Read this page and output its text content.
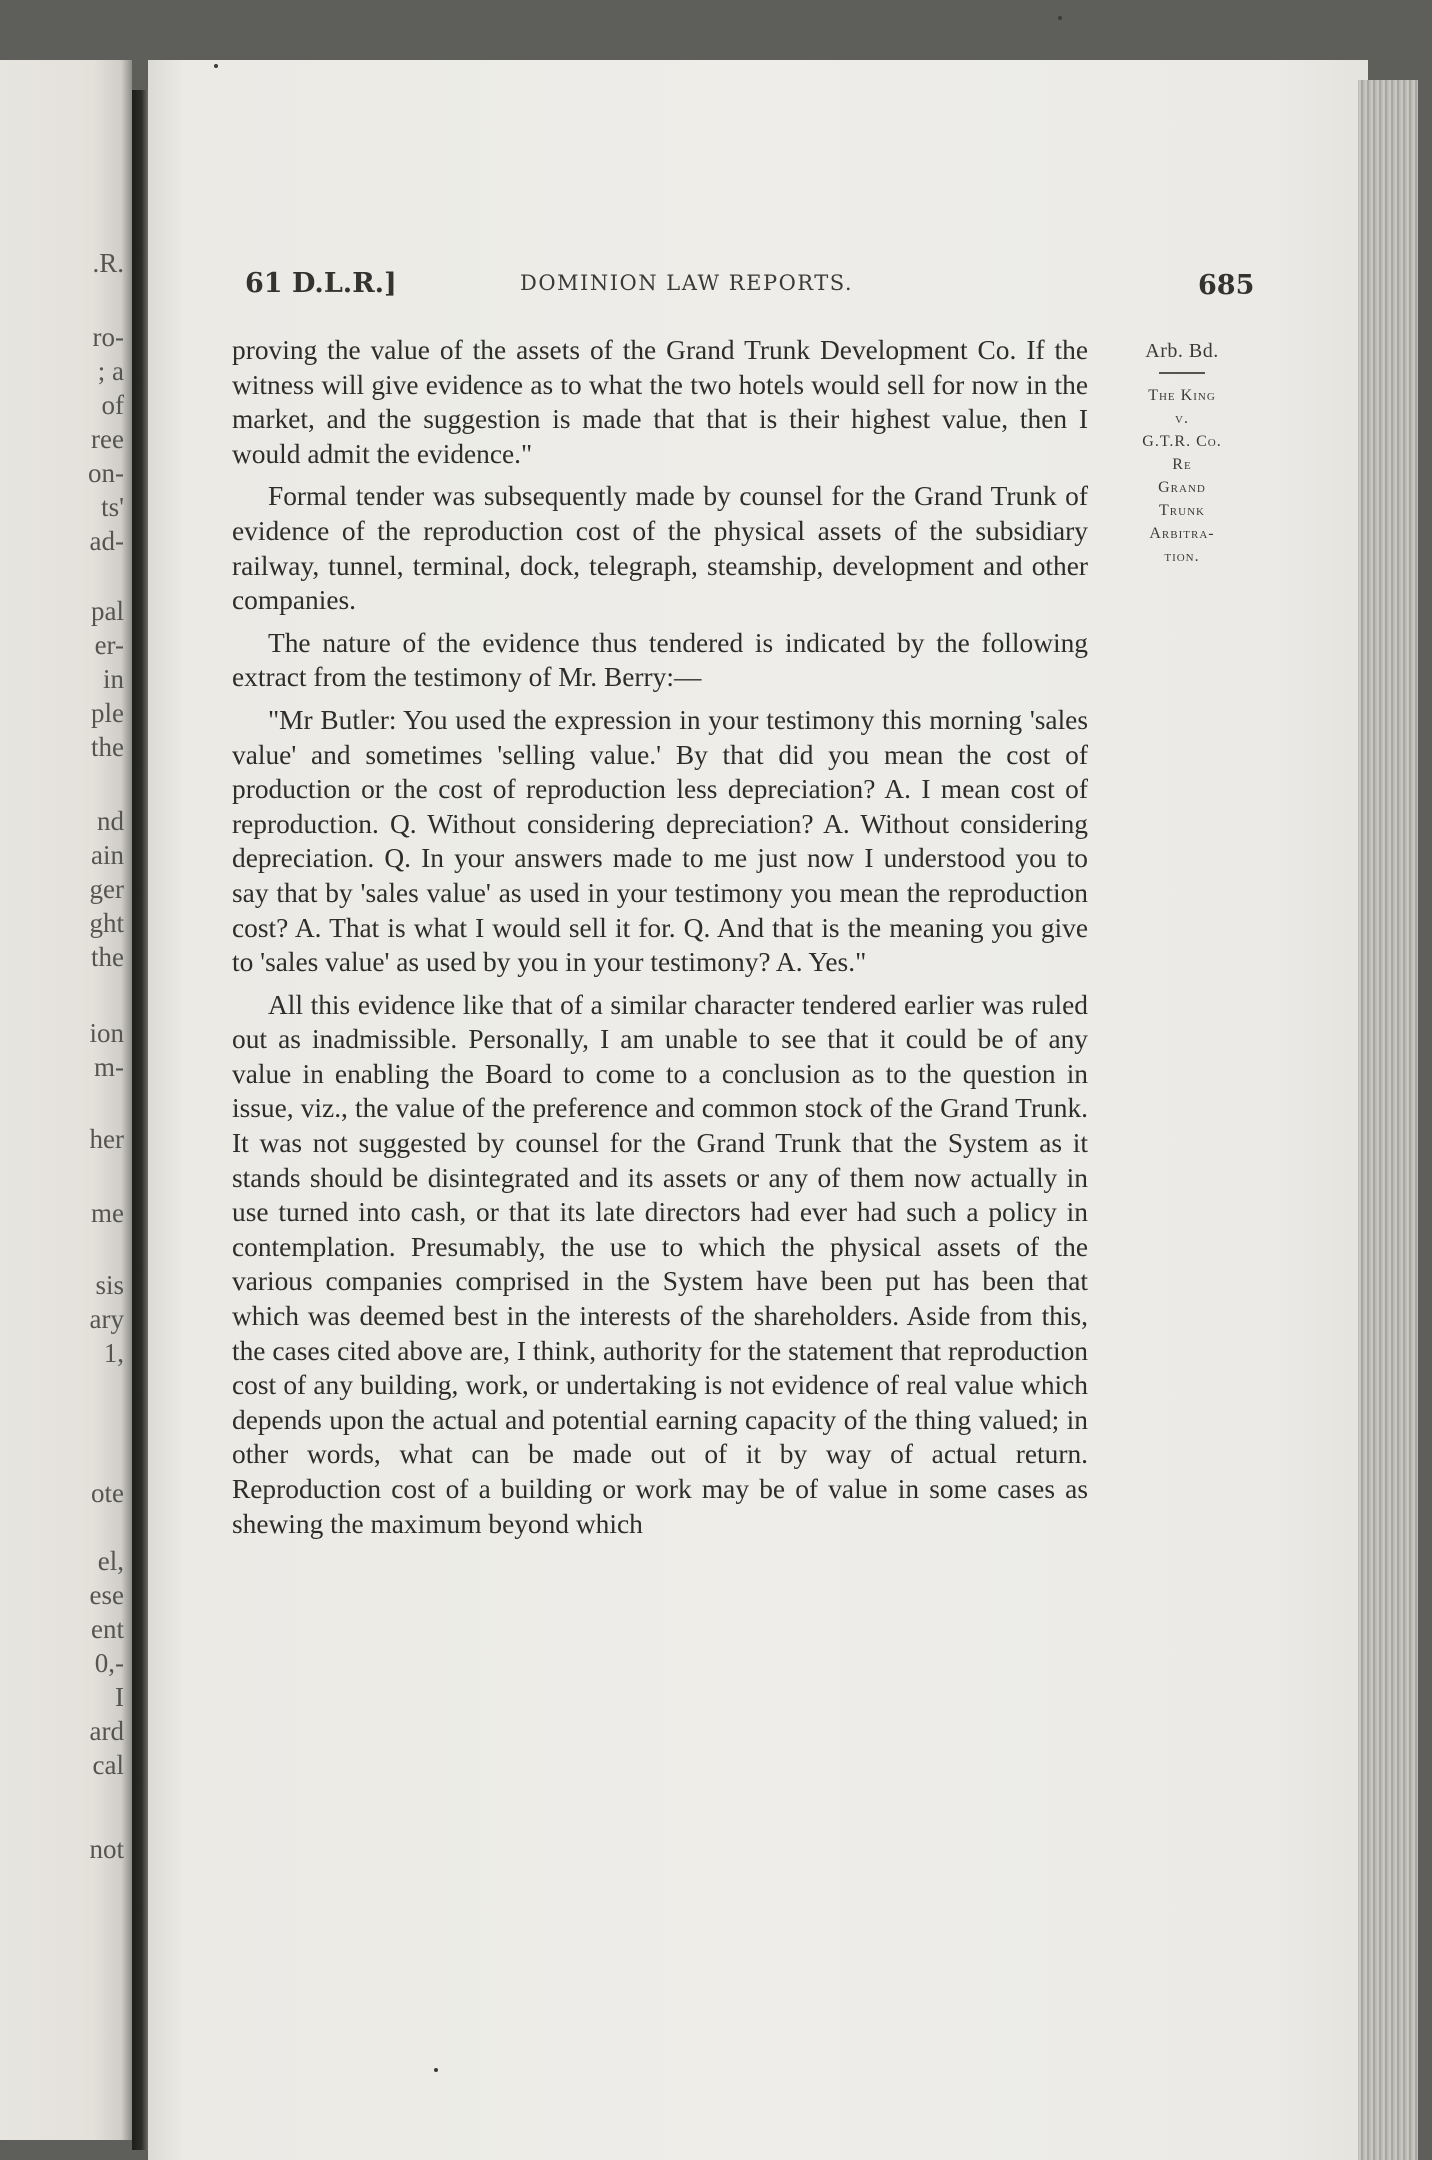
.R.
ro-
; a
of
ree
on-
ts'
ad-
pal
er-
in
ple
the
nd
ain
ger
ght
the
ion
m-
her
me
sis
ary
1,
ote
el,
ese
ent
0,-
I
ard
cal
not
61 D.L.R.]	DOMINION LAW REPORTS.	685
Arb. Bd.
The King
v.
G.T.R. Co.
Re
Grand
Trunk
Arbitra-
tion.

proving the value of the assets of the Grand Trunk Development Co. If the witness will give evidence as to what the two hotels would sell for now in the market, and the suggestion is made that that is their highest value, then I would admit the evidence."

Formal tender was subsequently made by counsel for the Grand Trunk of evidence of the reproduction cost of the physical assets of the subsidiary railway, tunnel, terminal, dock, telegraph, steamship, development and other companies.

The nature of the evidence thus tendered is indicated by the following extract from the testimony of Mr. Berry:—

"Mr Butler: You used the expression in your testimony this morning 'sales value' and sometimes 'selling value.' By that did you mean the cost of production or the cost of reproduction less depreciation? A. I mean cost of reproduction. Q. Without considering depreciation? A. Without considering depreciation. Q. In your answers made to me just now I understood you to say that by 'sales value' as used in your testimony you mean the reproduction cost? A. That is what I would sell it for. Q. And that is the meaning you give to 'sales value' as used by you in your testimony? A. Yes."

All this evidence like that of a similar character tendered earlier was ruled out as inadmissible. Personally, I am unable to see that it could be of any value in enabling the Board to come to a conclusion as to the question in issue, viz., the value of the preference and common stock of the Grand Trunk. It was not suggested by counsel for the Grand Trunk that the System as it stands should be disintegrated and its assets or any of them now actually in use turned into cash, or that its late directors had ever had such a policy in contemplation. Presumably, the use to which the physical assets of the various companies comprised in the System have been put has been that which was deemed best in the interests of the shareholders. Aside from this, the cases cited above are, I think, authority for the statement that reproduction cost of any building, work, or undertaking is not evidence of real value which depends upon the actual and potential earning capacity of the thing valued; in other words, what can be made out of it by way of actual return. Reproduction cost of a building or work may be of value in some cases as shewing the maximum beyond which
